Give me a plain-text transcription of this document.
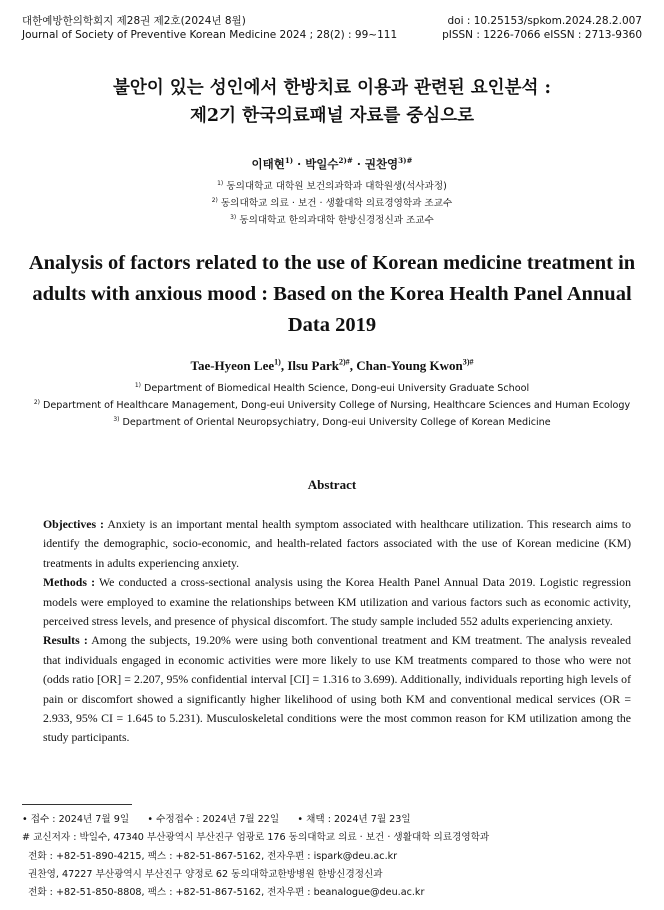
대한예방한의학회지 제28권 제2호(2024년 8월)
Journal of Society of Preventive Korean Medicine 2024 ; 28(2) : 99~111
doi : 10.25153/spkom.2024.28.2.007
pISSN : 1226-7066 eISSN : 2713-9360
불안이 있는 성인에서 한방치료 이용과 관련된 요인분석 :
제2기 한국의료패널 자료를 중심으로
이태현$^{1)}$ · 박일수$^{2)\#}$ · 권찬영$^{3)\#}$
$^{1)}$ 동의대학교 대학원 보건의과학과 대학원생(석사과정)
$^{2)}$ 동의대학교 의료 · 보건 · 생활대학 의료경영학과 조교수
$^{3)}$ 동의대학교 한의과대학 한방신경정신과 조교수
Analysis of factors related to the use of Korean medicine treatment in
adults with anxious mood : Based on the Korea Health Panel Annual
Data 2019
Tae-Hyeon Lee$^{1)}$, Ilsu Park$^{2)\#}$, Chan-Young Kwon$^{3)\#}$
$^{1)}$ Department of Biomedical Health Science, Dong-eui University Graduate School
$^{2)}$ Department of Healthcare Management, Dong-eui University College of Nursing, Healthcare Sciences and Human Ecology
$^{3)}$ Department of Oriental Neuropsychiatry, Dong-eui University College of Korean Medicine
Abstract

Objectives : Anxiety is an important mental health symptom associated with healthcare utilization. This research aims to identify the demographic, socio-economic, and health-related factors associated with the use of Korean medicine (KM) treatments in adults experiencing anxiety.

Methods : We conducted a cross-sectional analysis using the Korea Health Panel Annual Data 2019. Logistic regression models were employed to examine the relationships between KM utilization and various factors such as economic activity, perceived stress levels, and presence of physical discomfort. The study sample included 552 adults experiencing anxiety.

Results : Among the subjects, 19.20% were using both conventional treatment and KM treatment. The analysis revealed that individuals engaged in economic activities were more likely to use KM treatments compared to those who were not (odds ratio [OR] = 2.207, 95% confidential interval [CI] = 1.316 to 3.699). Additionally, individuals reporting high levels of pain or discomfort showed a significantly higher likelihood of using both KM and conventional medical services (OR = 2.933, 95% CI = 1.645 to 5.231). Musculoskeletal conditions were the most common reason for KM utilization among the study participants.

• 접수 : 2024년 7월 9일      • 수정접수 : 2024년 7월 22일      • 채택 : 2024년 7월 23일
# 교신저자 : 박일수, 47340 부산광역시 부산진구 엄광로 176 동의대학교 의료 · 보건 · 생활대학 의료경영학과
전화 : +82-51-890-4215, 팩스 : +82-51-867-5162, 전자우편 : ispark@deu.ac.kr
권찬영, 47227 부산광역시 부산진구 양정로 62 동의대학교한방병원 한방신경정신과
전화 : +82-51-850-8808, 팩스 : +82-51-867-5162, 전자우편 : beanalogue@deu.ac.kr
